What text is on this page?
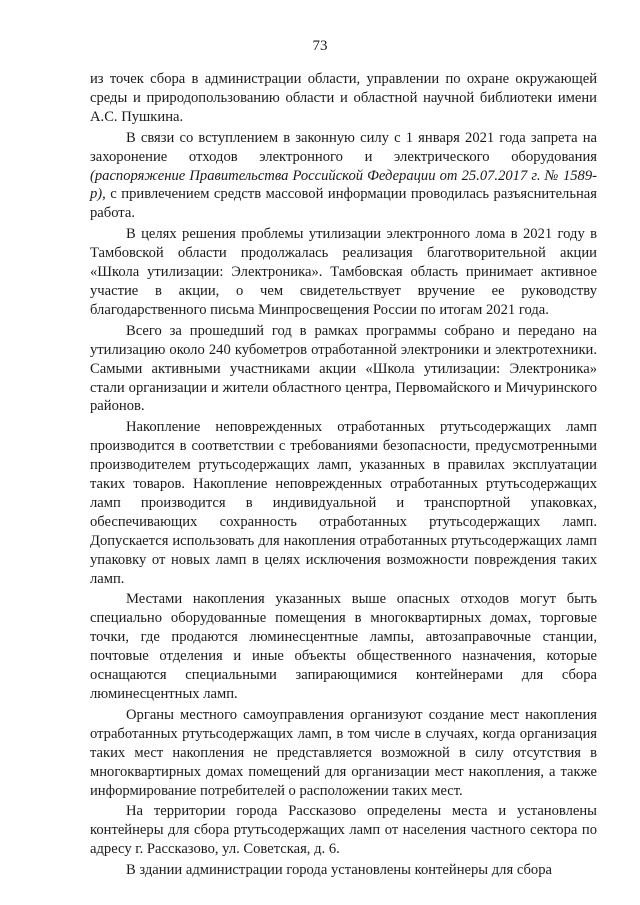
73

из точек сбора в администрации области, управлении по охране окружающей среды и природопользованию области и областной научной библиотеки имени А.С. Пушкина.

В связи со вступлением в законную силу с 1 января 2021 года запрета на захоронение отходов электронного и электрического оборудования (распоряжение Правительства Российской Федерации от 25.07.2017 г. № 1589-р), с привлечением средств массовой информации проводилась разъяснительная работа.

В целях решения проблемы утилизации электронного лома в 2021 году в Тамбовской области продолжалась реализация благотворительной акции «Школа утилизации: Электроника». Тамбовская область принимает активное участие в акции, о чем свидетельствует вручение ее руководству благодарственного письма Минпросвещения России по итогам 2021 года.

Всего за прошедший год в рамках программы собрано и передано на утилизацию около 240 кубометров отработанной электроники и электротехники. Самыми активными участниками акции «Школа утилизации: Электроника» стали организации и жители областного центра, Первомайского и Мичуринского районов.

Накопление неповрежденных отработанных ртутьсодержащих ламп производится в соответствии с требованиями безопасности, предусмотренными производителем ртутьсодержащих ламп, указанных в правилах эксплуатации таких товаров. Накопление неповрежденных отработанных ртутьсодержащих ламп производится в индивидуальной и транспортной упаковках, обеспечивающих сохранность отработанных ртутьсодержащих ламп. Допускается использовать для накопления отработанных ртутьсодержащих ламп упаковку от новых ламп в целях исключения возможности повреждения таких ламп.

Местами накопления указанных выше опасных отходов могут быть специально оборудованные помещения в многоквартирных домах, торговые точки, где продаются люминесцентные лампы, автозаправочные станции, почтовые отделения и иные объекты общественного назначения, которые оснащаются специальными запирающимися контейнерами для сбора люминесцентных ламп.

Органы местного самоуправления организуют создание мест накопления отработанных ртутьсодержащих ламп, в том числе в случаях, когда организация таких мест накопления не представляется возможной в силу отсутствия в многоквартирных домах помещений для организации мест накопления, а также информирование потребителей о расположении таких мест.

На территории города Рассказово определены места и установлены контейнеры для сбора ртутьсодержащих ламп от населения частного сектора по адресу г. Рассказово, ул. Советская, д. 6.

В здании администрации города установлены контейнеры для сбора
